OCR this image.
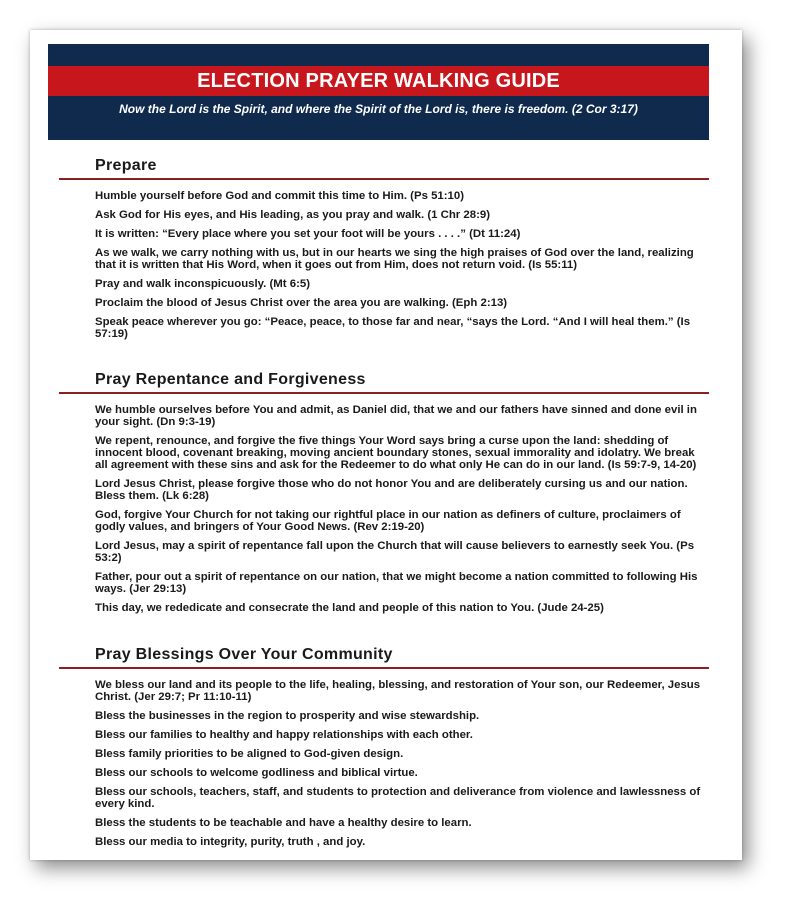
ELECTION PRAYER WALKING GUIDE
Now the Lord is the Spirit, and where the Spirit of the Lord is, there is freedom. (2 Cor 3:17)
Prepare
Humble yourself before God and commit this time to Him. (Ps 51:10)
Ask God for His eyes, and His leading, as you pray and walk. (1 Chr 28:9)
It is written: “Every place where you set your foot will be yours . . . .” (Dt 11:24)
As we walk, we carry nothing with us, but in our hearts we sing the high praises of God over the land, realizing that it is written that His Word, when it goes out from Him, does not return void. (Is 55:11)
Pray and walk inconspicuously. (Mt 6:5)
Proclaim the blood of Jesus Christ over the area you are walking. (Eph 2:13)
Speak peace wherever you go: “Peace, peace, to those far and near, “says the Lord. “And I will heal them.” (Is 57:19)
Pray Repentance and Forgiveness
We humble ourselves before You and admit, as Daniel did, that we and our fathers have sinned and done evil in your sight. (Dn 9:3-19)
We repent, renounce, and forgive the five things Your Word says bring a curse upon the land: shedding of innocent blood, covenant breaking, moving ancient boundary stones, sexual immorality and idolatry. We break all agreement with these sins and ask for the Redeemer to do what only He can do in our land. (Is 59:7-9, 14-20)
Lord Jesus Christ, please forgive those who do not honor You and are deliberately cursing us and our nation. Bless them. (Lk 6:28)
God, forgive Your Church for not taking our rightful place in our nation as definers of culture, proclaimers of godly values, and bringers of Your Good News. (Rev 2:19-20)
Lord Jesus, may a spirit of repentance fall upon the Church that will cause believers to earnestly seek You. (Ps 53:2)
Father, pour out a spirit of repentance on our nation, that we might become a nation committed to following His ways. (Jer 29:13)
This day, we rededicate and consecrate the land and people of this nation to You. (Jude 24-25)
Pray Blessings Over Your Community
We bless our land and its people to the life, healing, blessing, and restoration of Your son, our Redeemer, Jesus Christ. (Jer 29:7; Pr 11:10-11)
Bless the businesses in the region to prosperity and wise stewardship.
Bless our families to healthy and happy relationships with each other.
Bless family priorities to be aligned to God-given design.
Bless our schools to welcome godliness and biblical virtue.
Bless our schools, teachers, staff, and students to protection and deliverance from violence and lawlessness of every kind.
Bless the students to be teachable and have a healthy desire to learn.
Bless our media to integrity, purity, truth , and joy.
